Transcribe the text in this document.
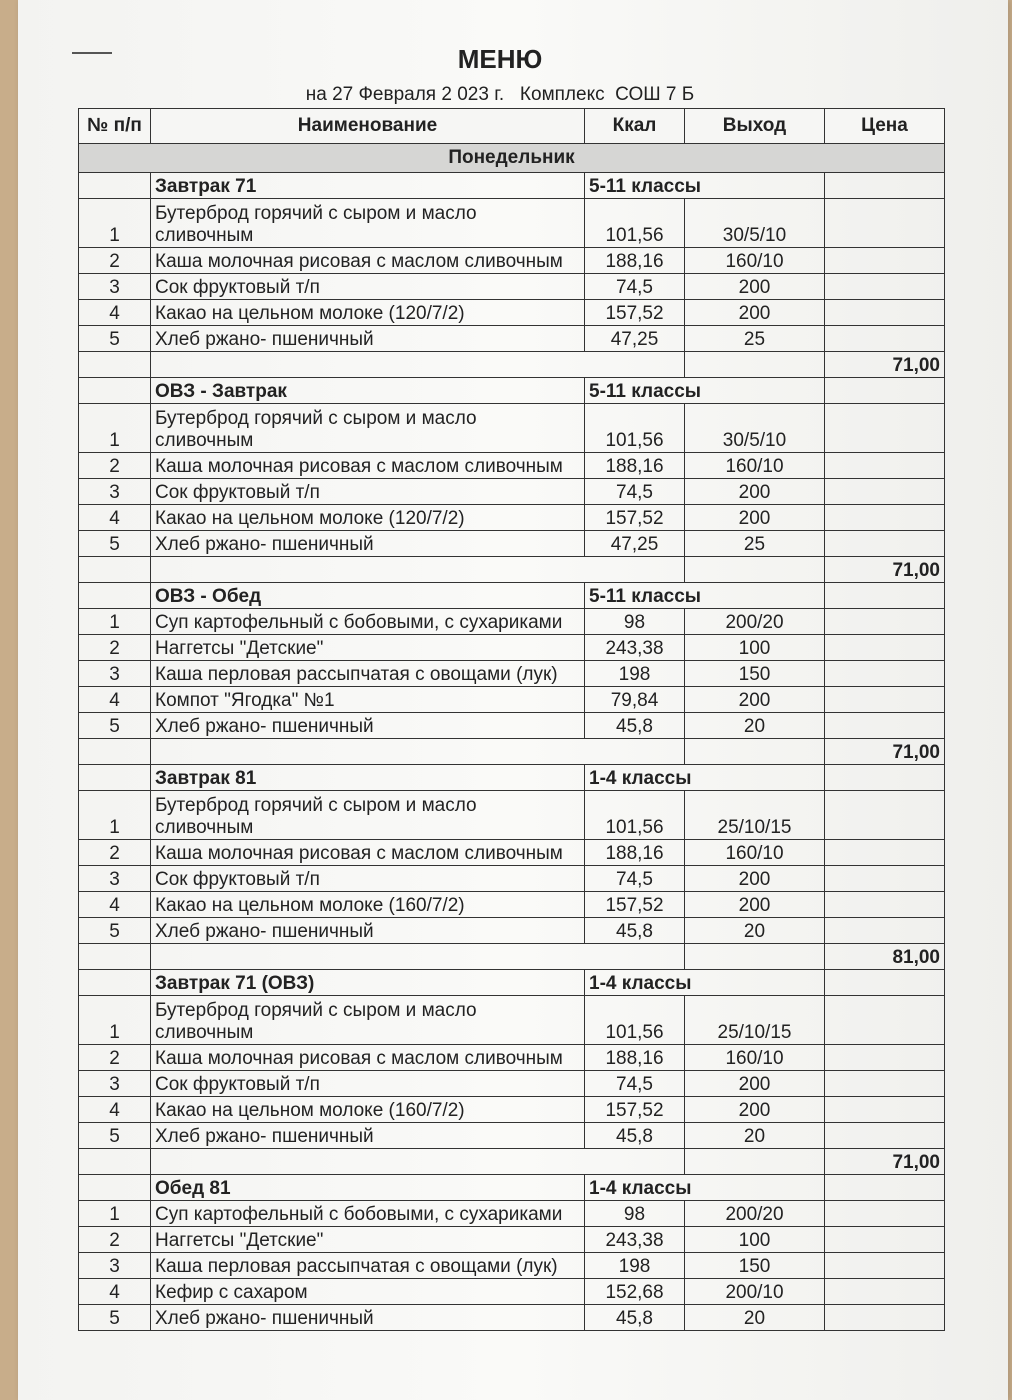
МЕНЮ
на 27 Февраля 2 023 г.   Комплекс  СОШ 7 Б
№ п/п	Наименование	Ккал	Выход	Цена
Понедельник				
	Завтрак 71	5-11 классы		
1	Бутерброд горячий с сыром и масло сливочным	101,56	30/5/10	
2	Каша молочная рисовая с маслом сливочным	188,16	160/10	
3	Сок фруктовый т/п	74,5	200	
4	Какао на цельном молоке (120/7/2)	157,52	200	
5	Хлеб ржано- пшеничный	47,25	25	
				71,00
	ОВЗ - Завтрак	5-11 классы		
1	Бутерброд горячий с сыром и масло сливочным	101,56	30/5/10	
2	Каша молочная рисовая с маслом сливочным	188,16	160/10	
3	Сок фруктовый т/п	74,5	200	
4	Какао на цельном молоке (120/7/2)	157,52	200	
5	Хлеб ржано- пшеничный	47,25	25	
				71,00
	ОВЗ - Обед	5-11 классы		
1	Суп картофельный с бобовыми, с сухариками	98	200/20	
2	Наггетсы "Детские"	243,38	100	
3	Каша перловая рассыпчатая с овощами (лук)	198	150	
4	Компот "Ягодка" №1	79,84	200	
5	Хлеб ржано- пшеничный	45,8	20	
				71,00
	Завтрак 81	1-4 классы		
1	Бутерброд горячий с сыром и масло сливочным	101,56	25/10/15	
2	Каша молочная рисовая с маслом сливочным	188,16	160/10	
3	Сок фруктовый т/п	74,5	200	
4	Какао на цельном молоке (160/7/2)	157,52	200	
5	Хлеб ржано- пшеничный	45,8	20	
				81,00
	Завтрак 71 (ОВЗ)	1-4 классы		
1	Бутерброд горячий с сыром и масло сливочным	101,56	25/10/15	
2	Каша молочная рисовая с маслом сливочным	188,16	160/10	
3	Сок фруктовый т/п	74,5	200	
4	Какао на цельном молоке (160/7/2)	157,52	200	
5	Хлеб ржано- пшеничный	45,8	20	
				71,00
	Обед 81	1-4 классы		
1	Суп картофельный с бобовыми, с сухариками	98	200/20	
2	Наггетсы "Детские"	243,38	100	
3	Каша перловая рассыпчатая с овощами (лук)	198	150	
4	Кефир с сахаром	152,68	200/10	
5	Хлеб ржано- пшеничный	45,8	20	
